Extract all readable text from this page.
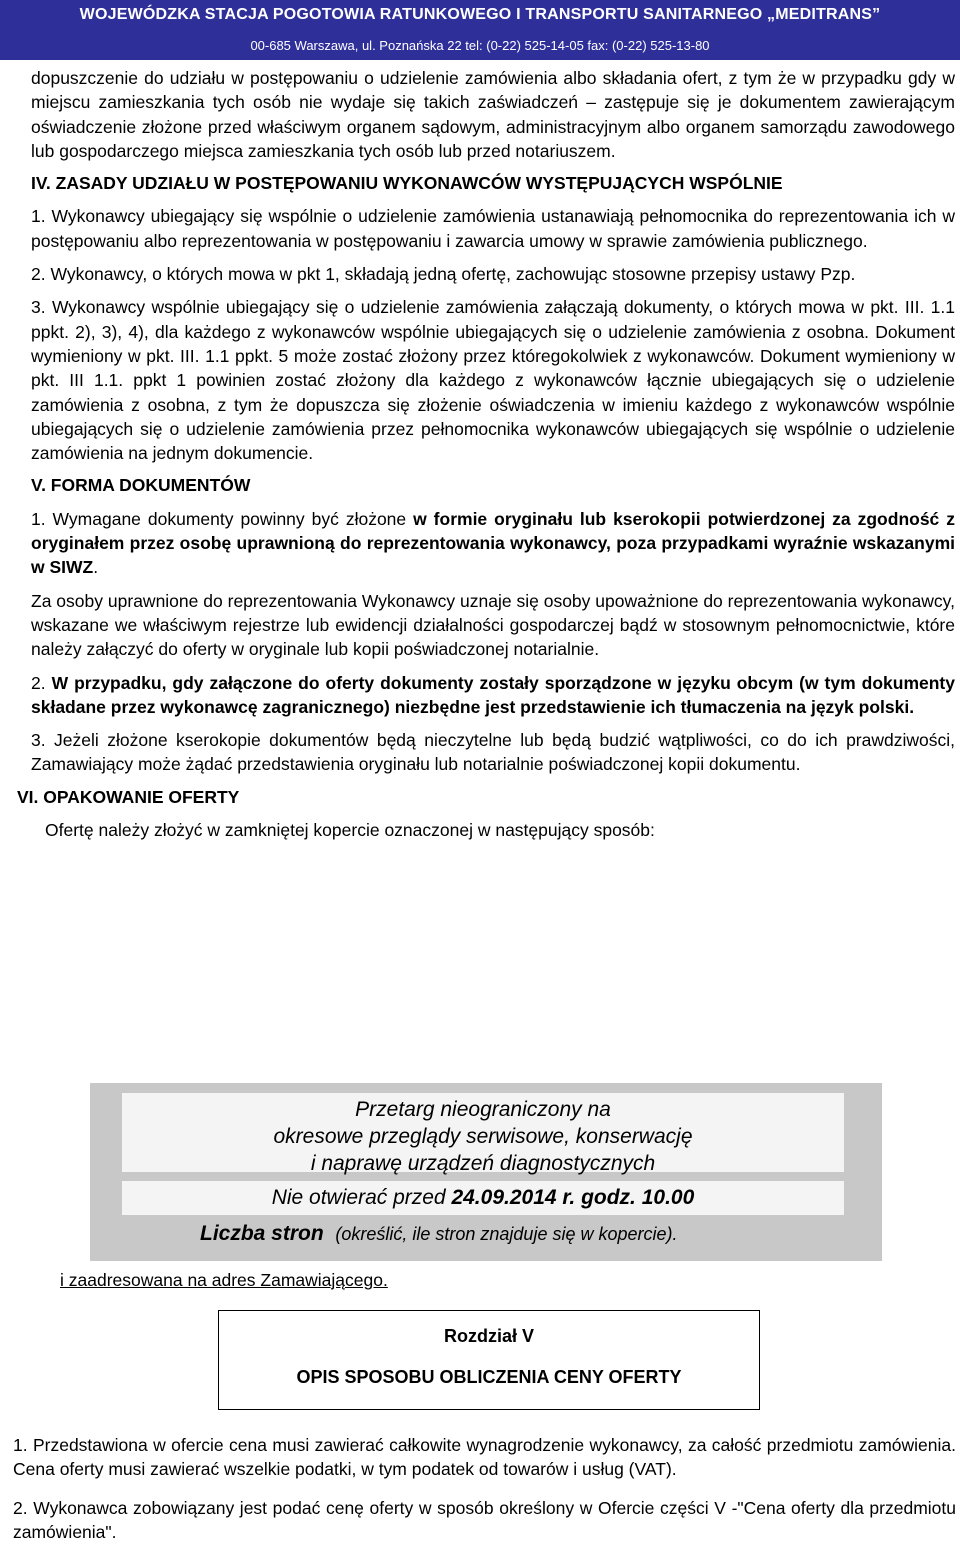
WOJEWÓDZKA STACJA POGOTOWIA RATUNKOWEGO I TRANSPORTU SANITARNEGO „MEDITRANS”
00-685 Warszawa, ul. Poznańska 22 tel: (0-22) 525-14-05 fax: (0-22) 525-13-80

dopuszczenie do udziału w postępowaniu o udzielenie zamówienia albo składania ofert, z tym że w przypadku gdy w miejscu zamieszkania tych osób nie wydaje się takich zaświadczeń – zastępuje się je dokumentem zawierającym oświadczenie złożone przed właściwym organem sądowym, administracyjnym albo organem samorządu zawodowego lub gospodarczego miejsca zamieszkania tych osób lub przed notariuszem.

IV. ZASADY UDZIAŁU W POSTĘPOWANIU WYKONAWCÓW WYSTĘPUJĄCYCH WSPÓLNIE

1. Wykonawcy ubiegający się wspólnie o udzielenie zamówienia ustanawiają pełnomocnika do reprezentowania ich w postępowaniu albo reprezentowania w postępowaniu i zawarcia umowy w sprawie zamówienia publicznego.

2. Wykonawcy, o których mowa w pkt 1, składają jedną ofertę, zachowując stosowne przepisy ustawy Pzp.

3. Wykonawcy wspólnie ubiegający się o udzielenie zamówienia załączają dokumenty, o których mowa w pkt. III. 1.1 ppkt. 2), 3), 4), dla każdego z wykonawców wspólnie ubiegających się o udzielenie zamówienia z osobna. Dokument wymieniony w pkt. III. 1.1 ppkt. 5 może zostać złożony przez któregokolwiek z wykonawców. Dokument wymieniony w pkt. III 1.1. ppkt 1 powinien zostać złożony dla każdego z wykonawców łącznie ubiegających się o udzielenie zamówienia z osobna, z tym że dopuszcza się złożenie oświadczenia w imieniu każdego z wykonawców wspólnie ubiegających się o udzielenie zamówienia przez pełnomocnika wykonawców ubiegających się wspólnie o udzielenie zamówienia na jednym dokumencie.

V. FORMA DOKUMENTÓW

1. Wymagane dokumenty powinny być złożone w formie oryginału lub kserokopii potwierdzonej za zgodność z oryginałem przez osobę uprawnioną do reprezentowania wykonawcy, poza przypadkami wyraźnie wskazanymi w SIWZ.

Za osoby uprawnione do reprezentowania Wykonawcy uznaje się osoby upoważnione do reprezentowania wykonawcy, wskazane we właściwym rejestrze lub ewidencji działalności gospodarczej bądź w stosownym pełnomocnictwie, które należy załączyć do oferty w oryginale lub kopii poświadczonej notarialnie.

2. W przypadku, gdy załączone do oferty dokumenty zostały sporządzone w języku obcym (w tym dokumenty składane przez wykonawcę zagranicznego) niezbędne jest przedstawienie ich tłumaczenia na język polski.

3. Jeżeli złożone kserokopie dokumentów będą nieczytelne lub będą budzić wątpliwości, co do ich prawdziwości, Zamawiający może żądać przedstawienia oryginału lub notarialnie poświadczonej kopii dokumentu.

VI. OPAKOWANIE OFERTY

Ofertę należy złożyć w zamkniętej kopercie oznaczonej w następujący sposób:

Przetarg nieograniczony na
okresowe przeglądy serwisowe, konserwację
i naprawę urządzeń diagnostycznych
Nie otwierać przed 24.09.2014 r. godz. 10.00
Liczba stron (określić, ile stron znajduje się w kopercie).
i zaadresowana na adres Zamawiającego.
Rozdział V
OPIS SPOSOBU OBLICZENIA CENY OFERTY

1. Przedstawiona w ofercie cena musi zawierać całkowite wynagrodzenie wykonawcy, za całość przedmiotu zamówienia. Cena oferty musi zawierać wszelkie podatki, w tym podatek od towarów i usług (VAT).

2. Wykonawca zobowiązany jest podać cenę oferty w sposób określony w Ofercie części V -"Cena oferty dla przedmiotu zamówienia".
